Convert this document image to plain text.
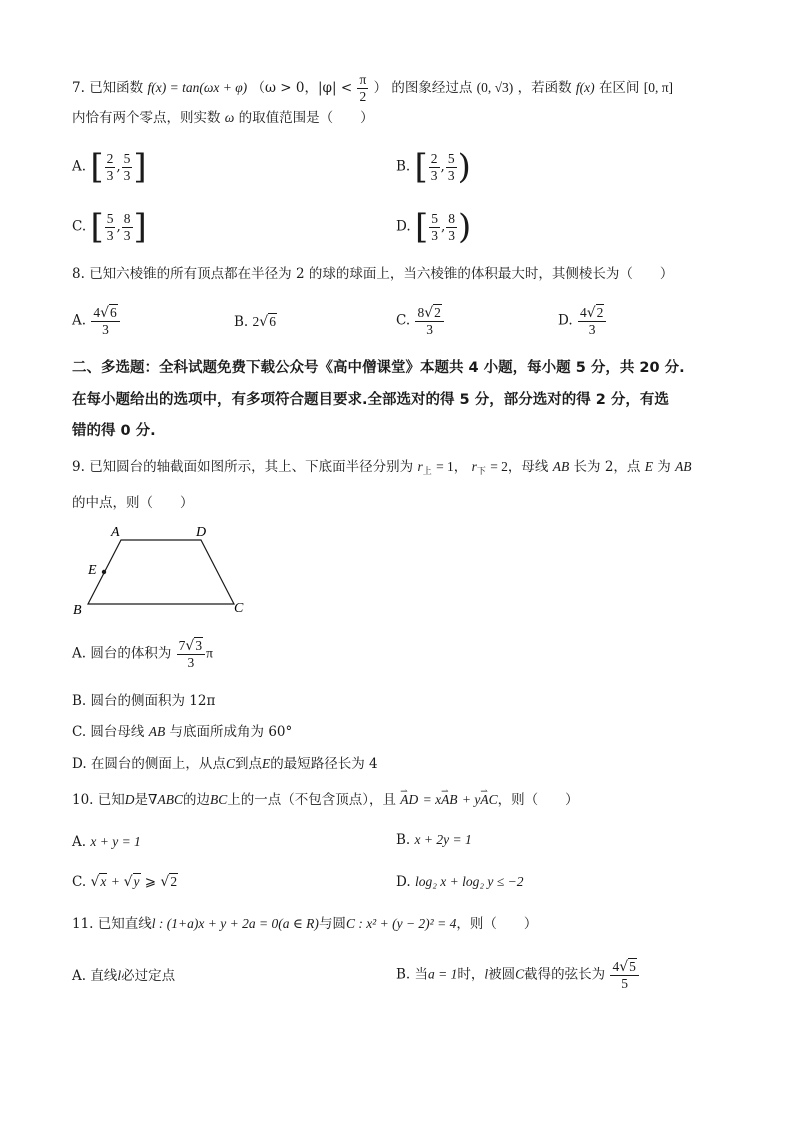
7. 已知函数 f(x) = tan(ωx + φ) （ω > 0，$|\varphi| < \frac{\pi}{2}$ ） 的图象经过点 (0, √3) ，若函数 f(x) 在区间 [0, π]
内恰有两个零点，则实数 ω 的取值范围是（　　）
A. [ $\frac{2}{3}$ , $\frac{5}{3}$ ]	B. [ $\frac{2}{3}$ , $\frac{5}{3}$ )
C. [ $\frac{5}{3}$ , $\frac{8}{3}$ ]	D. [ $\frac{5}{3}$ , $\frac{8}{3}$ )
8. 已知六棱锥的所有顶点都在半径为 2 的球的球面上，当六棱锥的体积最大时，其侧棱长为（　　）
A. $\frac{4√6}{3}$	B. 2√6	C. $\frac{8√2}{3}$	D. $\frac{4√2}{3}$
二、多选题：全科试题免费下载公众号《高中僧课堂》本题共 4 小题，每小题 5 分，共 20 分.
在每小题给出的选项中，有多项符合题目要求.全部选对的得 5 分，部分选对的得 2 分，有选
错的得 0 分.
9. 已知圆台的轴截面如图所示，其上、下底面半径分别为 $r_上 = 1$， $r_下 = 2$，母线 AB 长为 2，点 E 为 AB
的中点，则（　　）
A	D
E
B	C
A. 圆台的体积为 $\frac{7√3}{3}$ π
B. 圆台的侧面积为 12π
C. 圆台母线 AB 与底面所成角为 60°
D. 在圆台的侧面上，从点C到点E的最短路径长为 4
10. 已知D是∇ABC的边BC上的一点（不包含顶点），且 ⇀ AD = x⇀ AB + y⇀ AC，则（　　）
A. x + y = 1	B. x + 2y = 1
C. √x + √y ⩾ √2	D. log₂ x + log₂ y ≤ −2
11. 已知直线l : (1+a)x + y + 2a = 0(a ∈ R)与圆C : x² + (y − 2)² = 4，则（　　）
A. 直线l必过定点	B. 当a = 1时，l被圆C截得的弦长为 $\frac{4√5}{5}$
